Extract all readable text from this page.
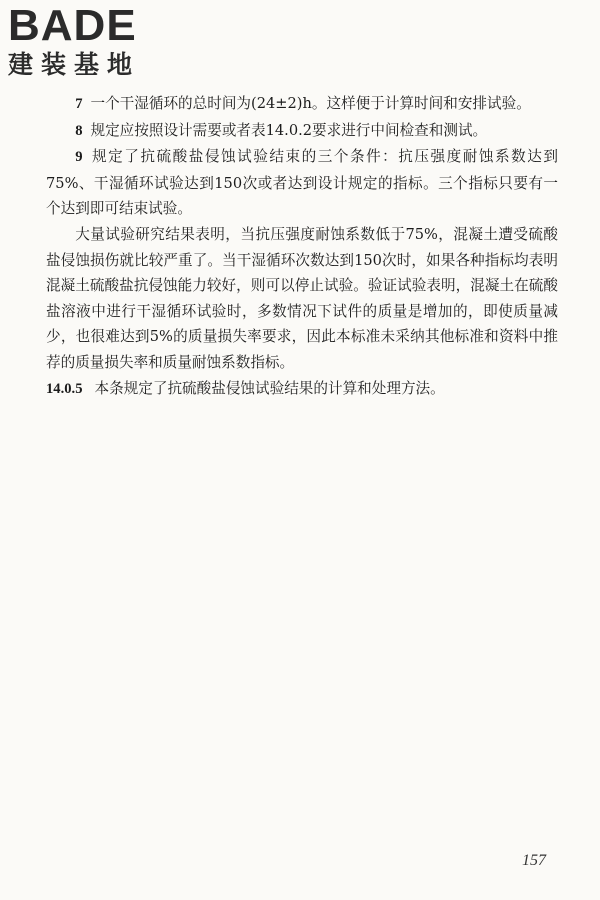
BADE
建装基地

7 一个干湿循环的总时间为(24±2)h。这样便于计算时间和安排试验。

8 规定应按照设计需要或者表14.0.2要求进行中间检查和测试。

9 规定了抗硫酸盐侵蚀试验结束的三个条件：抗压强度耐蚀系数达到75%、干湿循环试验达到150次或者达到设计规定的指标。三个指标只要有一个达到即可结束试验。

大量试验研究结果表明，当抗压强度耐蚀系数低于75%，混凝土遭受硫酸盐侵蚀损伤就比较严重了。当干湿循环次数达到150次时，如果各种指标均表明混凝土硫酸盐抗侵蚀能力较好，则可以停止试验。验证试验表明，混凝土在硫酸盐溶液中进行干湿循环试验时，多数情况下试件的质量是增加的，即使质量减少，也很难达到5%的质量损失率要求，因此本标准未采纳其他标准和资料中推荐的质量损失率和质量耐蚀系数指标。

14.0.5 本条规定了抗硫酸盐侵蚀试验结果的计算和处理方法。

157
